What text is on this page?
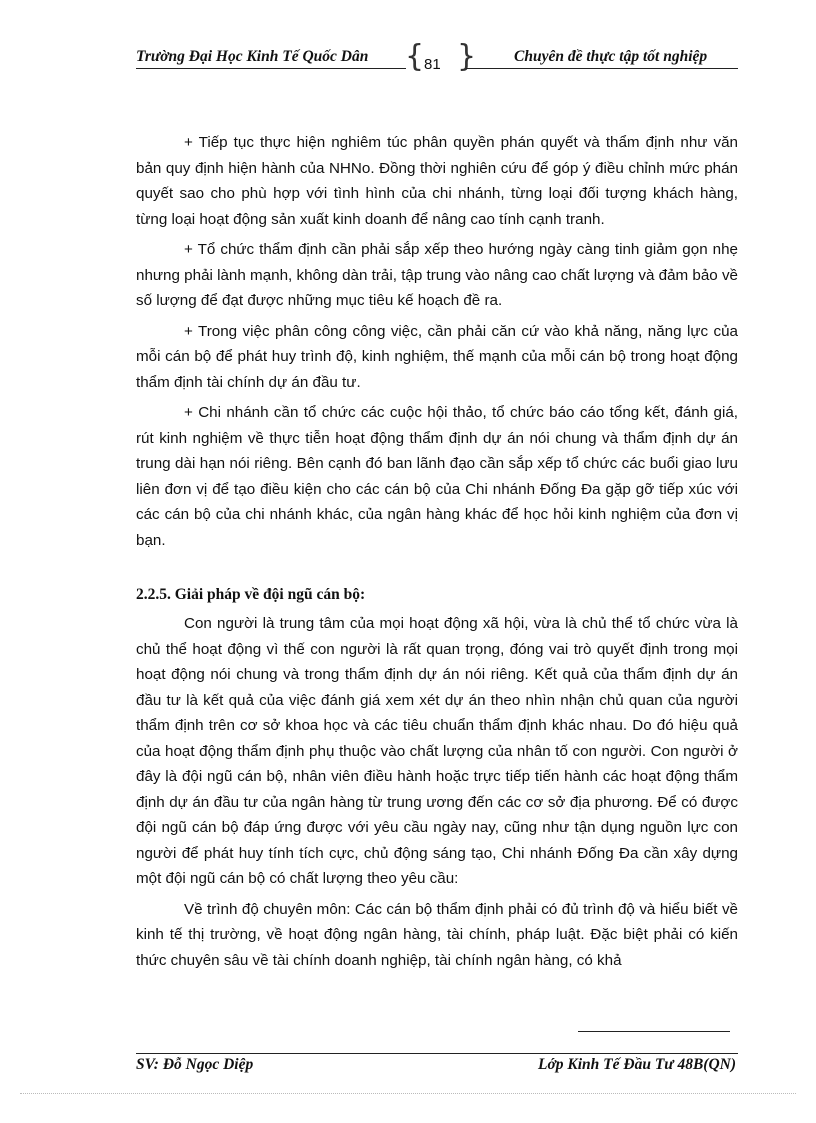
Trường Đại Học Kinh Tế Quốc Dân { 81 } Chuyên đề thực tập tốt nghiệp

+ Tiếp tục thực hiện nghiêm túc phân quyền phán quyết và thẩm định như văn bản quy định hiện hành của NHNo. Đồng thời nghiên cứu để góp ý điều chỉnh mức phán quyết sao cho phù hợp với tình hình của chi nhánh, từng loại đối tượng khách hàng, từng loại hoạt động sản xuất kinh doanh để nâng cao tính cạnh tranh.

+ Tổ chức thẩm định cần phải sắp xếp theo hướng ngày càng tinh giảm gọn nhẹ nhưng phải lành mạnh, không dàn trải, tập trung vào nâng cao chất lượng và đảm bảo về số lượng để đạt được những mục tiêu kế hoạch đề ra.

+ Trong việc phân công công việc, cần phải căn cứ vào khả năng, năng lực của mỗi cán bộ để phát huy trình độ, kinh nghiệm, thế mạnh của mỗi cán bộ trong hoạt động thẩm định tài chính dự án đầu tư.

+ Chi nhánh cần tổ chức các cuộc hội thảo, tổ chức báo cáo tổng kết, đánh giá, rút kinh nghiệm về thực tiễn hoạt động thẩm định dự án nói chung và thẩm định dự án trung dài hạn nói riêng. Bên cạnh đó ban lãnh đạo cần sắp xếp tổ chức các buổi giao lưu liên đơn vị để tạo điều kiện cho các cán bộ của Chi nhánh Đống Đa gặp gỡ tiếp xúc với các cán bộ của chi nhánh khác, của ngân hàng khác để học hỏi kinh nghiệm của đơn vị bạn.

2.2.5. Giải pháp về đội ngũ cán bộ:

Con người là trung tâm của mọi hoạt động xã hội, vừa là chủ thể tổ chức vừa là chủ thể hoạt động vì thế con người là rất quan trọng, đóng vai trò quyết định trong mọi hoạt động nói chung và trong thẩm định dự án nói riêng. Kết quả của thẩm định dự án đầu tư là kết quả của việc đánh giá xem xét dự án theo nhìn nhận chủ quan của người thẩm định trên cơ sở khoa học và các tiêu chuẩn thẩm định khác nhau. Do đó hiệu quả của hoạt động thẩm định phụ thuộc vào chất lượng của nhân tố con người. Con người ở đây là đội ngũ cán bộ, nhân viên điều hành hoặc trực tiếp tiến hành các hoạt động thẩm định dự án đầu tư của ngân hàng từ trung ương đến các cơ sở địa phương. Để có được đội ngũ cán bộ đáp ứng được với yêu cầu ngày nay, cũng như tận dụng nguồn lực con người để phát huy tính tích cực, chủ động sáng tạo, Chi nhánh Đống Đa cần xây dựng một đội ngũ cán bộ có chất lượng theo yêu cầu:

Về trình độ chuyên môn: Các cán bộ thẩm định phải có đủ trình độ và hiểu biết về kinh tế thị trường, về hoạt động ngân hàng, tài chính, pháp luật. Đặc biệt phải có kiến thức chuyên sâu về tài chính doanh nghiệp, tài chính ngân hàng, có khả

SV: Đỗ Ngọc Diệp	Lớp Kinh Tế Đầu Tư 48B(QN)
